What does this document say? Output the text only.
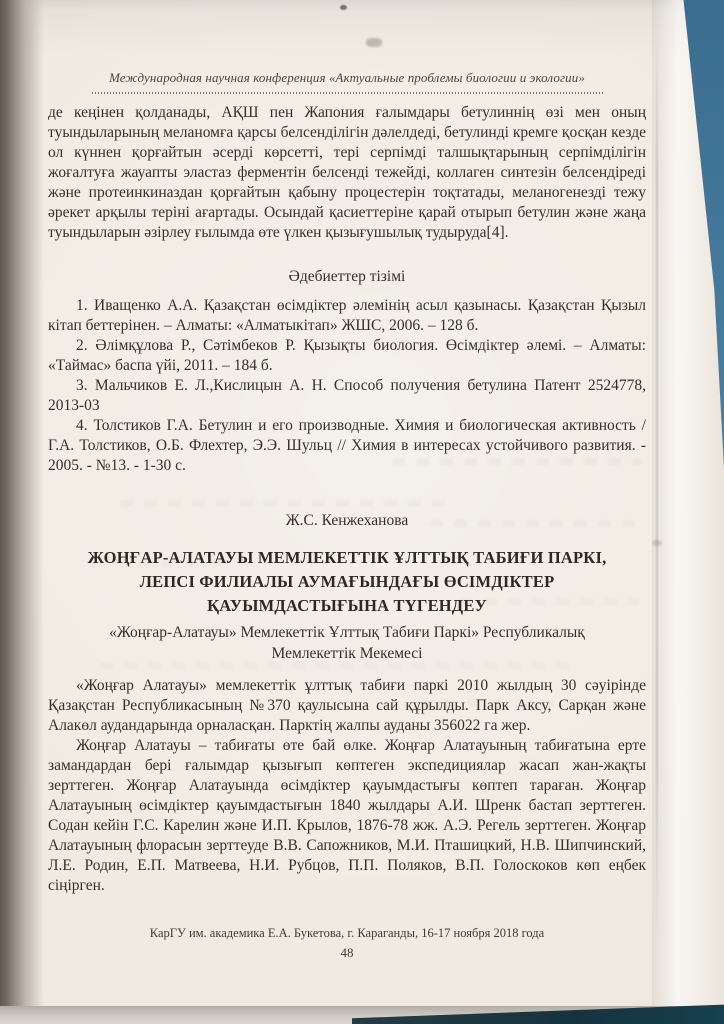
Международная научная конференция «Актуальные проблемы биологии и экологии»
де кеңінен қолданады, АҚШ пен Жапония ғалымдары бетулиннің өзі мен оның туындыларының меланомға қарсы белсенділігін дәлелдеді, бетулинді кремге қосқан кезде ол күннен қорғайтын әсерді көрсетті, тері серпімді талшықтарының серпімділігін жоғалтуға жауапты эластаз ферментін белсенді тежейді, коллаген синтезін белсендіреді және протеинкиназдан қорғайтын қабыну процестерін тоқтатады, меланогенезді тежу әрекет арқылы теріні ағартады. Осындай қасиеттеріне қарай отырып бетулин және жаңа туындыларын әзірлеу ғылымда өте үлкен қызығушылық тудыруда[4].
Әдебиеттер тізімі

1. Иващенко А.А. Қазақстан өсімдіктер әлемінің асыл қазынасы. Қазақстан Қызыл кітап беттерінен. – Алматы: «Алматыкітап» ЖШС, 2006. – 128 б.

2. Әлімқұлова Р., Сәтімбеков Р. Қызықты биология. Өсімдіктер әлемі. – Алматы: «Таймас» баспа үйі, 2011. – 184 б.

3. Мальчиков Е. Л.,Кислицын А. Н. Способ получения бетулина Патент 2524778, 2013-03

4. Толстиков Г.А. Бетулин и его производные. Химия и биологическая активность / Г.А. Толстиков, О.Б. Флехтер, Э.Э. Шульц // Химия в интересах устойчивого развития. - 2005. - №13. - 1-30 с.

Ж.С. Кенжеханова
ЖОҢҒАР-АЛАТАУЫ МЕМЛЕКЕТТІК ҰЛТТЫҚ ТАБИҒИ ПАРКІ,
ЛЕПСІ ФИЛИАЛЫ АУМАҒЫНДАҒЫ ӨСІМДІКТЕР
ҚАУЫМДАСТЫҒЫНА ТҮГЕНДЕУ
«Жоңғар-Алатауы» Мемлекеттік Ұлттық Табиғи Паркі» Республикалық Мемлекеттік Мекемесі

«Жоңғар Алатауы» мемлекеттік ұлттық табиғи паркі 2010 жылдың 30 сәуірінде Қазақстан Республикасының №370 қаулысына сай құрылды. Парк Аксу, Сарқан және Алакөл аудандарында орналасқан. Парктің жалпы ауданы 356022 га жер.

Жоңғар Алатауы – табиғаты өте бай өлке. Жоңғар Алатауының табиғатына ерте замандардан бері ғалымдар қызығып көптеген экспедициялар жасап жан-жақты зерттеген. Жоңғар Алатауында өсімдіктер қауымдастығы көптеп тараған. Жоңғар Алатауының өсімдіктер қауымдастығын 1840 жылдары А.И. Шренк бастап зерттеген. Содан кейін Г.С. Карелин және И.П. Крылов, 1876-78 жж. А.Э. Регель зерттеген. Жоңғар Алатауының флорасын зерттеуде В.В. Сапожников, М.И. Пташицкий, Н.В. Шипчинский, Л.Е. Родин, Е.П. Матвеева, Н.И. Рубцов, П.П. Поляков, В.П. Голоскоков көп еңбек сіңірген.

КарГУ им. академика Е.А. Букетова, г. Караганды, 16-17 ноября 2018 года
48
